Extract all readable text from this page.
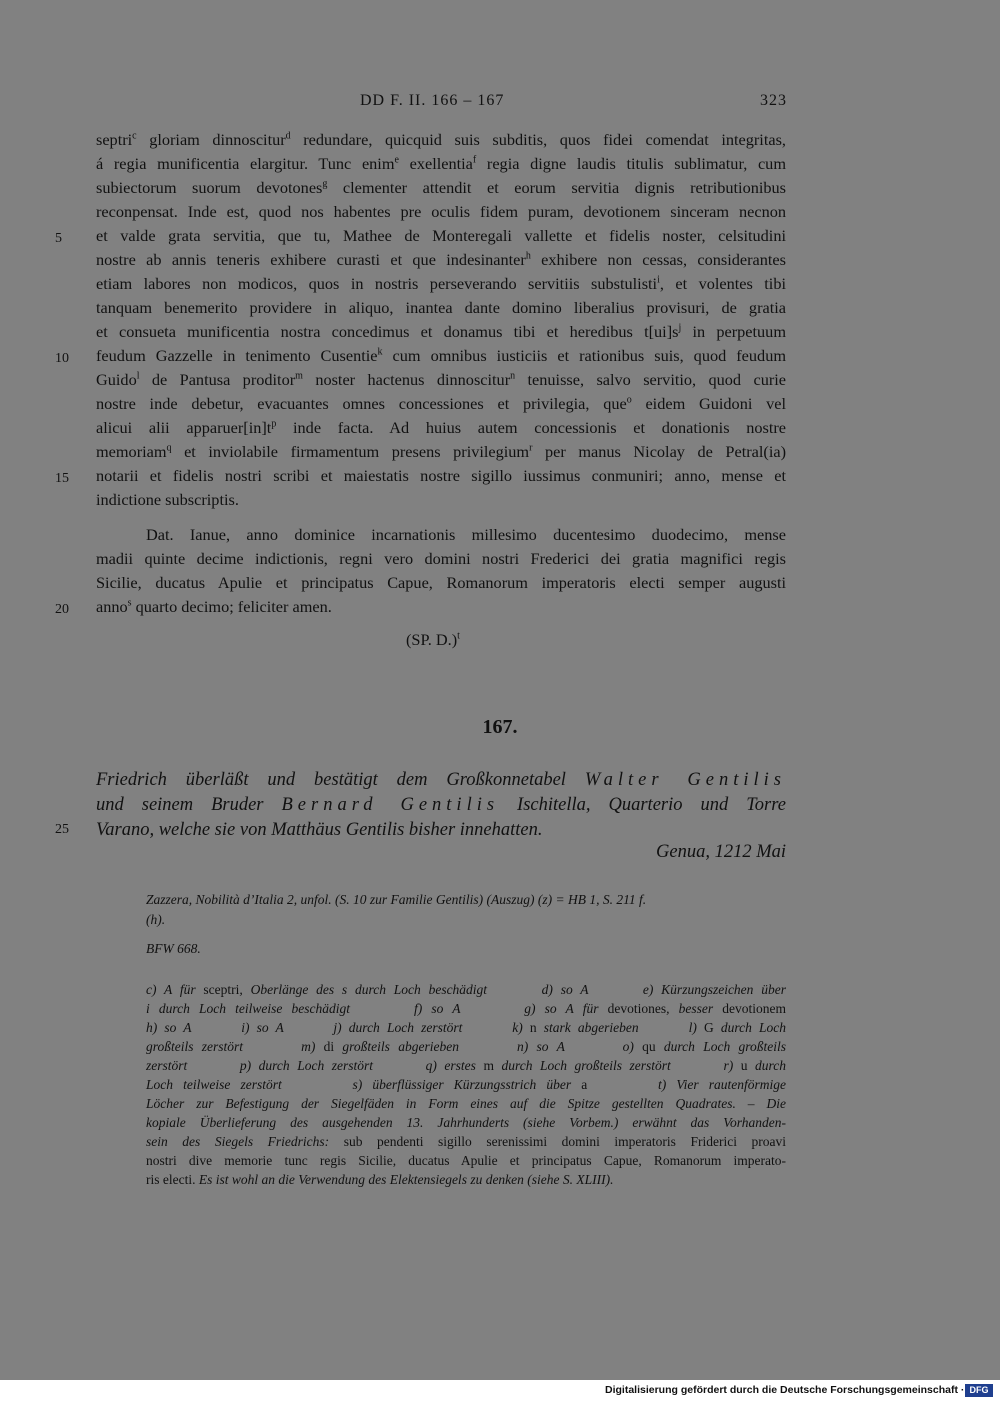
DD F. II. 166 – 167	323
septri$^c$ gloriam dinnoscitur$^d$ redundare, quicquid suis subditis, quos fidei comendat integritas,
á regia munificentia elargitur. Tunc enim$^e$ exellentia$^f$ regia digne laudis titulis sublimatur, cum
subiectorum suorum devotones$^g$ clementer attendit et eorum servitia dignis retributionibus
reconpensat. Inde est, quod nos habentes pre oculis fidem puram, devotionem sinceram necnon
et valde grata servitia, que tu, Mathee de Monteregali vallette et fidelis noster, celsitudini
nostre ab annis teneris exhibere curasti et que indesinanter$^h$ exhibere non cessas, considerantes
etiam labores non modicos, quos in nostris perseverando servitiis substulisti$^i$, et volentes tibi
tanquam benemerito providere in aliquo, inantea dante domino liberalius provisuri, de gratia
et consueta munificentia nostra concedimus et donamus tibi et heredibus $t[ui]s^j$ in perpetuum
feudum Gazzelle in tenimento Cusentie$^k$ cum omnibus iusticiis et rationibus suis, quod feudum
Guido$^l$ de Pantusa proditor$^m$ noster hactenus dinnoscitur$^n$ tenuisse, salvo servitio, quod curie
nostre inde debetur, evacuantes omnes concessiones et privilegia, que$^o$ eidem Guidoni vel
alicui alii $apparuer[in]t^p$ inde facta. Ad huius autem concessionis et donationis nostre
memoriam$^q$ et inviolabile firmamentum presens privilegium$^r$ per manus Nicolay de Petral(ia)
notarii et fidelis nostri scribi et maiestatis nostre sigillo iussimus conmuniri; anno, mense et
indictione subscriptis.
Dat. Ianue, anno dominice incarnationis millesimo ducentesimo duodecimo, mense
madii quinte decime indictionis, regni vero domini nostri Frederici dei gratia magnifici regis
Sicilie, ducatus Apulie et principatus Capue, Romanorum imperatoris electi semper augusti
anno$^s$ quarto decimo; feliciter amen.
5
10
15
20
25
(SP. D.)$^t$
167.
Friedrich überläßt und bestätigt dem Großkonnetabel Walter Gentilis
und seinem Bruder Bernard Gentilis Ischitella, Quarterio und Torre
Varano, welche sie von Matthäus Gentilis bisher innehatten.
Genua, 1212 Mai
Zazzera, Nobilità d’Italia 2, unfol. (S. 10 zur Familie Gentilis) (Auszug) (z) = HB 1, S. 211 f.
(h).
BFW 668.
c) A für sceptri, Oberlänge des s durch Loch beschädigt       d) so A       e) Kürzungszeichen über
i durch Loch teilweise beschädigt       f) so A       g) so A für devotiones, besser devotionem
h) so A       i) so A       j) durch Loch zerstört       k) n stark abgerieben       l) G durch Loch
großteils zerstört       m) di großteils abgerieben       n) so A       o) qu durch Loch großteils
zerstört       p) durch Loch zerstört       q) erstes m durch Loch großteils zerstört       r) u durch
Loch teilweise zerstört       s) überflüssiger Kürzungsstrich über a       t) Vier rautenförmige
Löcher zur Befestigung der Siegelfäden in Form eines auf die Spitze gestellten Quadrates. – Die
kopiale Überlieferung des ausgehenden 13. Jahrhunderts (siehe Vorbem.) erwähnt das Vorhanden-
sein des Siegels Friedrichs: sub pendenti sigillo serenissimi domini imperatoris Friderici proavi
nostri dive memorie tunc regis Sicilie, ducatus Apulie et principatus Capue, Romanorum imperato-
ris electi. Es ist wohl an die Verwendung des Elektensiegels zu denken (siehe S. XLIII).
Digitalisierung gefördert durch die Deutsche Forschungsgemeinschaft · DFG
